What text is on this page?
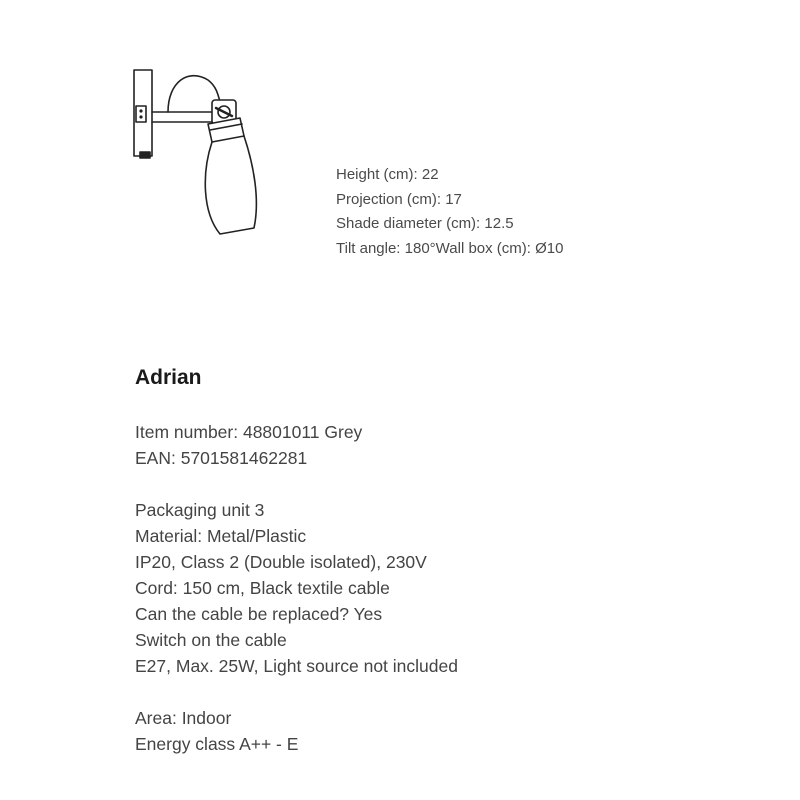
Height (cm): 22
Projection (cm): 17
Shade diameter (cm): 12.5
Tilt angle: 180°Wall box (cm): Ø10
Adrian
Item number: 48801011 Grey
EAN: 5701581462281
Packaging unit 3
Material: Metal/Plastic
IP20, Class 2 (Double isolated), 230V
Cord: 150 cm, Black textile cable
Can the cable be replaced? Yes
Switch on the cable
E27, Max. 25W, Light source not included
Area: Indoor
Energy class A++ - E
